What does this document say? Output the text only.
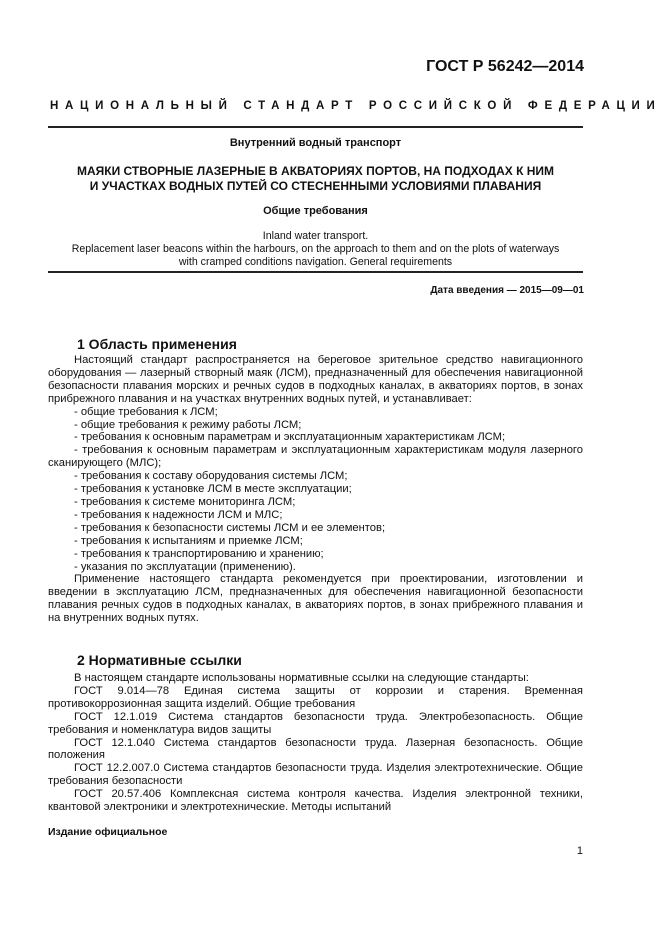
ГОСТ Р 56242—2014
НАЦИОНАЛЬНЫЙ СТАНДАРТ РОССИЙСКОЙ ФЕДЕРАЦИИ
Внутренний водный транспорт
МАЯКИ СТВОРНЫЕ ЛАЗЕРНЫЕ В АКВАТОРИЯХ ПОРТОВ, НА ПОДХОДАХ К НИМ
И УЧАСТКАХ ВОДНЫХ ПУТЕЙ СО СТЕСНЕННЫМИ УСЛОВИЯМИ ПЛАВАНИЯ
Общие требования
Inland water transport.
Replacement laser beacons within the harbours, on the approach to them and on the plots of waterways
with cramped conditions navigation. General requirements
Дата введения — 2015—09—01
1 Область применения

Настоящий стандарт распространяется на береговое зрительное средство навигационного оборудования — лазерный створный маяк (ЛСМ), предназначенный для обеспечения навигационной безопасности плавания морских и речных судов в подходных каналах, в акваториях портов, в зонах прибрежного плавания и на участках внутренних водных путей, и устанавливает:

- общие требования к ЛСМ;
- общие требования к режиму работы ЛСМ;
- требования к основным параметрам и эксплуатационным характеристикам ЛСМ;
- требования к основным параметрам и эксплуатационным характеристикам модуля лазерного сканирующего (МЛС);
- требования к составу оборудования системы ЛСМ;
- требования к установке ЛСМ в месте эксплуатации;
- требования к системе мониторинга ЛСМ;
- требования к надежности ЛСМ и МЛС;
- требования к безопасности системы ЛСМ и ее элементов;
- требования к испытаниям и приемке ЛСМ;
- требования к транспортированию и хранению;
- указания по эксплуатации (применению).

Применение настоящего стандарта рекомендуется при проектировании, изготовлении и введении в эксплуатацию ЛСМ, предназначенных для обеспечения навигационной безопасности плавания речных судов в подходных каналах, в акваториях портов, в зонах прибрежного плавания и на внутренних водных путях.

2 Нормативные ссылки

В настоящем стандарте использованы нормативные ссылки на следующие стандарты:

ГОСТ 9.014—78 Единая система защиты от коррозии и старения. Временная противокоррозионная защита изделий. Общие требования

ГОСТ 12.1.019 Система стандартов безопасности труда. Электробезопасность. Общие требования и номенклатура видов защиты

ГОСТ 12.1.040 Система стандартов безопасности труда. Лазерная безопасность. Общие положения

ГОСТ 12.2.007.0 Система стандартов безопасности труда. Изделия электротехнические. Общие требования безопасности

ГОСТ 20.57.406 Комплексная система контроля качества. Изделия электронной техники, квантовой электроники и электротехнические. Методы испытаний

Издание официальное
1
